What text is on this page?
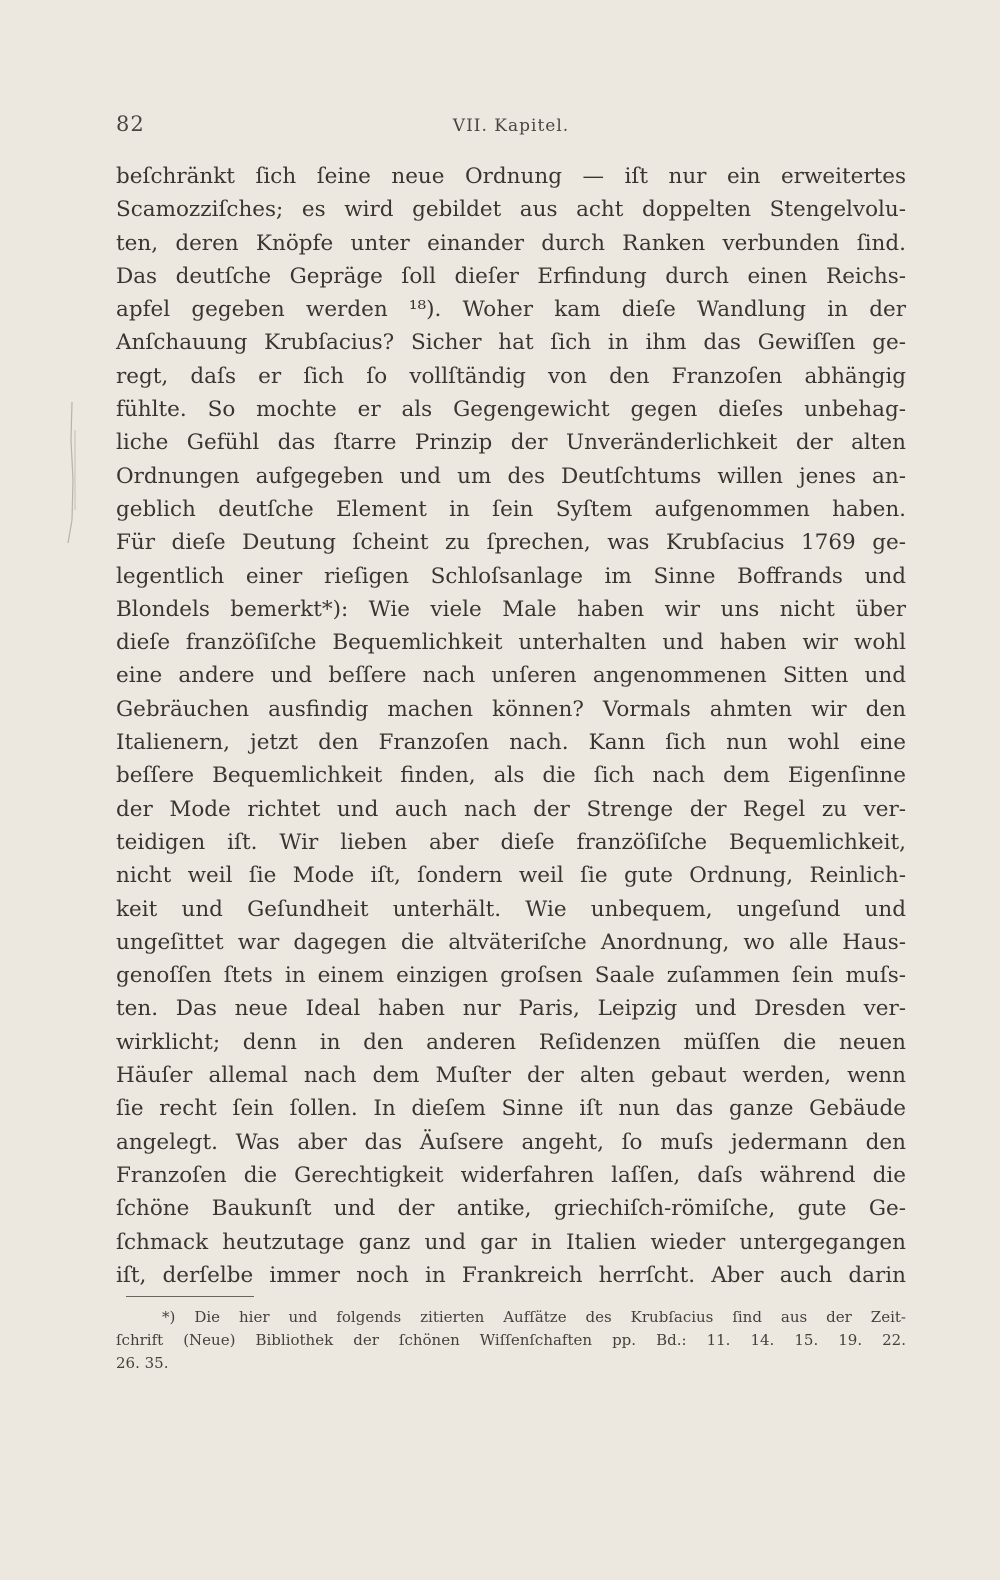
82	VII. Kapitel.
beſchränkt ſich ſeine neue Ordnung — iſt nur ein erweitertes
Scamozziſches; es wird gebildet aus acht doppelten Stengelvolu-
ten, deren Knöpfe unter einander durch Ranken verbunden ſind.
Das deutſche Gepräge ſoll dieſer Erfindung durch einen Reichs-
apfel gegeben werden ¹⁸). Woher kam dieſe Wandlung in der
Anſchauung Krubſacius? Sicher hat ſich in ihm das Gewiſſen ge-
regt, daſs er ſich ſo vollſtändig von den Franzoſen abhängig
fühlte. So mochte er als Gegengewicht gegen dieſes unbehag-
liche Gefühl das ſtarre Prinzip der Unveränderlichkeit der alten
Ordnungen aufgegeben und um des Deutſchtums willen jenes an-
geblich deutſche Element in ſein Syſtem aufgenommen haben.
Für dieſe Deutung ſcheint zu ſprechen, was Krubſacius 1769 ge-
legentlich einer rieſigen Schloſsanlage im Sinne Boffrands und
Blondels bemerkt*): Wie viele Male haben wir uns nicht über
dieſe franzöſiſche Bequemlichkeit unterhalten und haben wir wohl
eine andere und beſſere nach unſeren angenommenen Sitten und
Gebräuchen ausfindig machen können? Vormals ahmten wir den
Italienern, jetzt den Franzoſen nach. Kann ſich nun wohl eine
beſſere Bequemlichkeit finden, als die ſich nach dem Eigenſinne
der Mode richtet und auch nach der Strenge der Regel zu ver-
teidigen iſt. Wir lieben aber dieſe franzöſiſche Bequemlichkeit,
nicht weil ſie Mode iſt, ſondern weil ſie gute Ordnung, Reinlich-
keit und Geſundheit unterhält. Wie unbequem, ungeſund und
ungeſittet war dagegen die altväteriſche Anordnung, wo alle Haus-
genoſſen ſtets in einem einzigen groſsen Saale zuſammen ſein muſs-
ten. Das neue Ideal haben nur Paris, Leipzig und Dresden ver-
wirklicht; denn in den anderen Reſidenzen müſſen die neuen
Häuſer allemal nach dem Muſter der alten gebaut werden, wenn
ſie recht ſein ſollen. In dieſem Sinne iſt nun das ganze Gebäude
angelegt. Was aber das Äuſsere angeht, ſo muſs jedermann den
Franzoſen die Gerechtigkeit widerfahren laſſen, daſs während die
ſchöne Baukunſt und der antike, griechiſch-römiſche, gute Ge-
ſchmack heutzutage ganz und gar in Italien wieder untergegangen
iſt, derſelbe immer noch in Frankreich herrſcht. Aber auch darin
*) Die hier und folgends zitierten Aufſätze des Krubſacius ſind aus der Zeit-
ſchrift (Neue) Bibliothek der ſchönen Wiſſenſchaften pp. Bd.: 11. 14. 15. 19. 22.
26. 35.
